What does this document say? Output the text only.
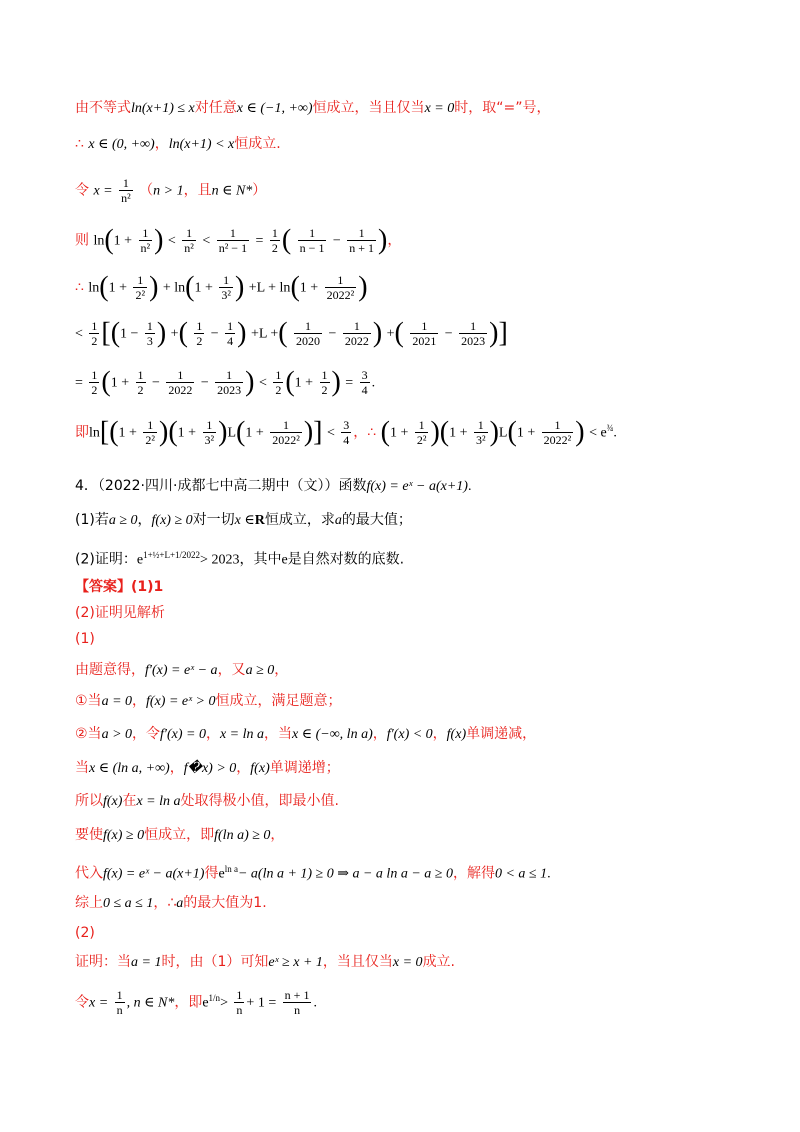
由不等式ln(x+1) ≤ x对任意x ∈ (−1, +∞)恒成立，当且仅当x = 0时，取“=”号，
∴ x ∈ (0, +∞)，ln(x+1) < x恒成立.
令 $x = \frac{1}{\text{n²}} (n > 1$，且n ∈ N*）
则 $\ln(1 + \frac{1}{\text{n²}}$ ) < $\frac{1}{\text{n²}} < \frac{1}{\text{n² − 1}} = \frac{1}{2}$ ( $\frac{1}{n - 1} - \frac{1}{n + 1}$ )，
∴ $\ln(1 + \frac{1}{\text{2²}}$ ) + $\ln(1 + \frac{1}{\text{3²}}$ ) $+L + \ln(1 + \frac{1}{\text{2022²}}$ )
< $\frac{1}{2} [(1 - \frac{1}{3}$ ) +( $\frac{1}{2} - \frac{1}{4}$ ) +L +( $\frac{1}{2020} - \frac{1}{2022}$ ) +( $\frac{1}{2021} - \frac{1}{2023}$ )]
= $\frac{1}{2} (1 + \frac{1}{2} - \frac{1}{2022} - \frac{1}{2023}$ ) < $\frac{1}{2} (1 + \frac{1}{2}$ ) = $\frac{3}{4}$ .
即$\ln[(1 + \frac{1}{\text{2²}} )(1 + \frac{1}{\text{3²}} )L(1 + \frac{1}{\text{2022²}}$ )] < $\frac{3}{4}$ ，∴ $(1 + \frac{1}{\text{2²}} )(1 + \frac{1}{\text{3²}} )L(1 + \frac{1}{\text{2022²}}$ ) < $e^{\frac{3}{4}}$.
4．（2022·四川·成都七中高二期中（文））函数f(x) = eˣ − a(x+1).
(1)若a ≥ 0，f(x) ≥ 0对一切x ∈R恒成立，求a的最大值；
(2)证明：$e^{1+\frac{1}{2}+L+1/2022}> 2023$，其中e是自然对数的底数.
【答案】(1)1
(2)证明见解析
(1)
由题意得，f′(x) = eˣ − a，又a ≥ 0，
①当a = 0，f(x) = eˣ > 0恒成立，满足题意；
②当a > 0，令f′(x) = 0，x = ln a，当x ∈ (−∞, ln a)，f′(x) < 0，f(x)单调递减，
当x ∈ (ln a, +∞)，f�x) > 0，f(x)单调递增；
所以f(x)在x = ln a处取得极小值，即最小值.
要使f(x) ≥ 0恒成立，即f(ln a) ≥ 0，
代入f(x) = eˣ − a(x+1)得$e^{ln a}- a(\ln$ a + 1) ≥ 0 ⇒ a − a ln a − a ≥ 0，解得0 < a ≤ 1.
综上0 ≤ a ≤ 1，∴a的最大值为1.
(2)
证明：当a = 1时，由（1）可知eˣ ≥ x + 1，当且仅当x = 0成立.
令$x = \frac{1}{n}$ , n ∈ N*，即$e^{1/n}> \frac{1}{n} + 1 = \frac{n + 1}{n}$ .
